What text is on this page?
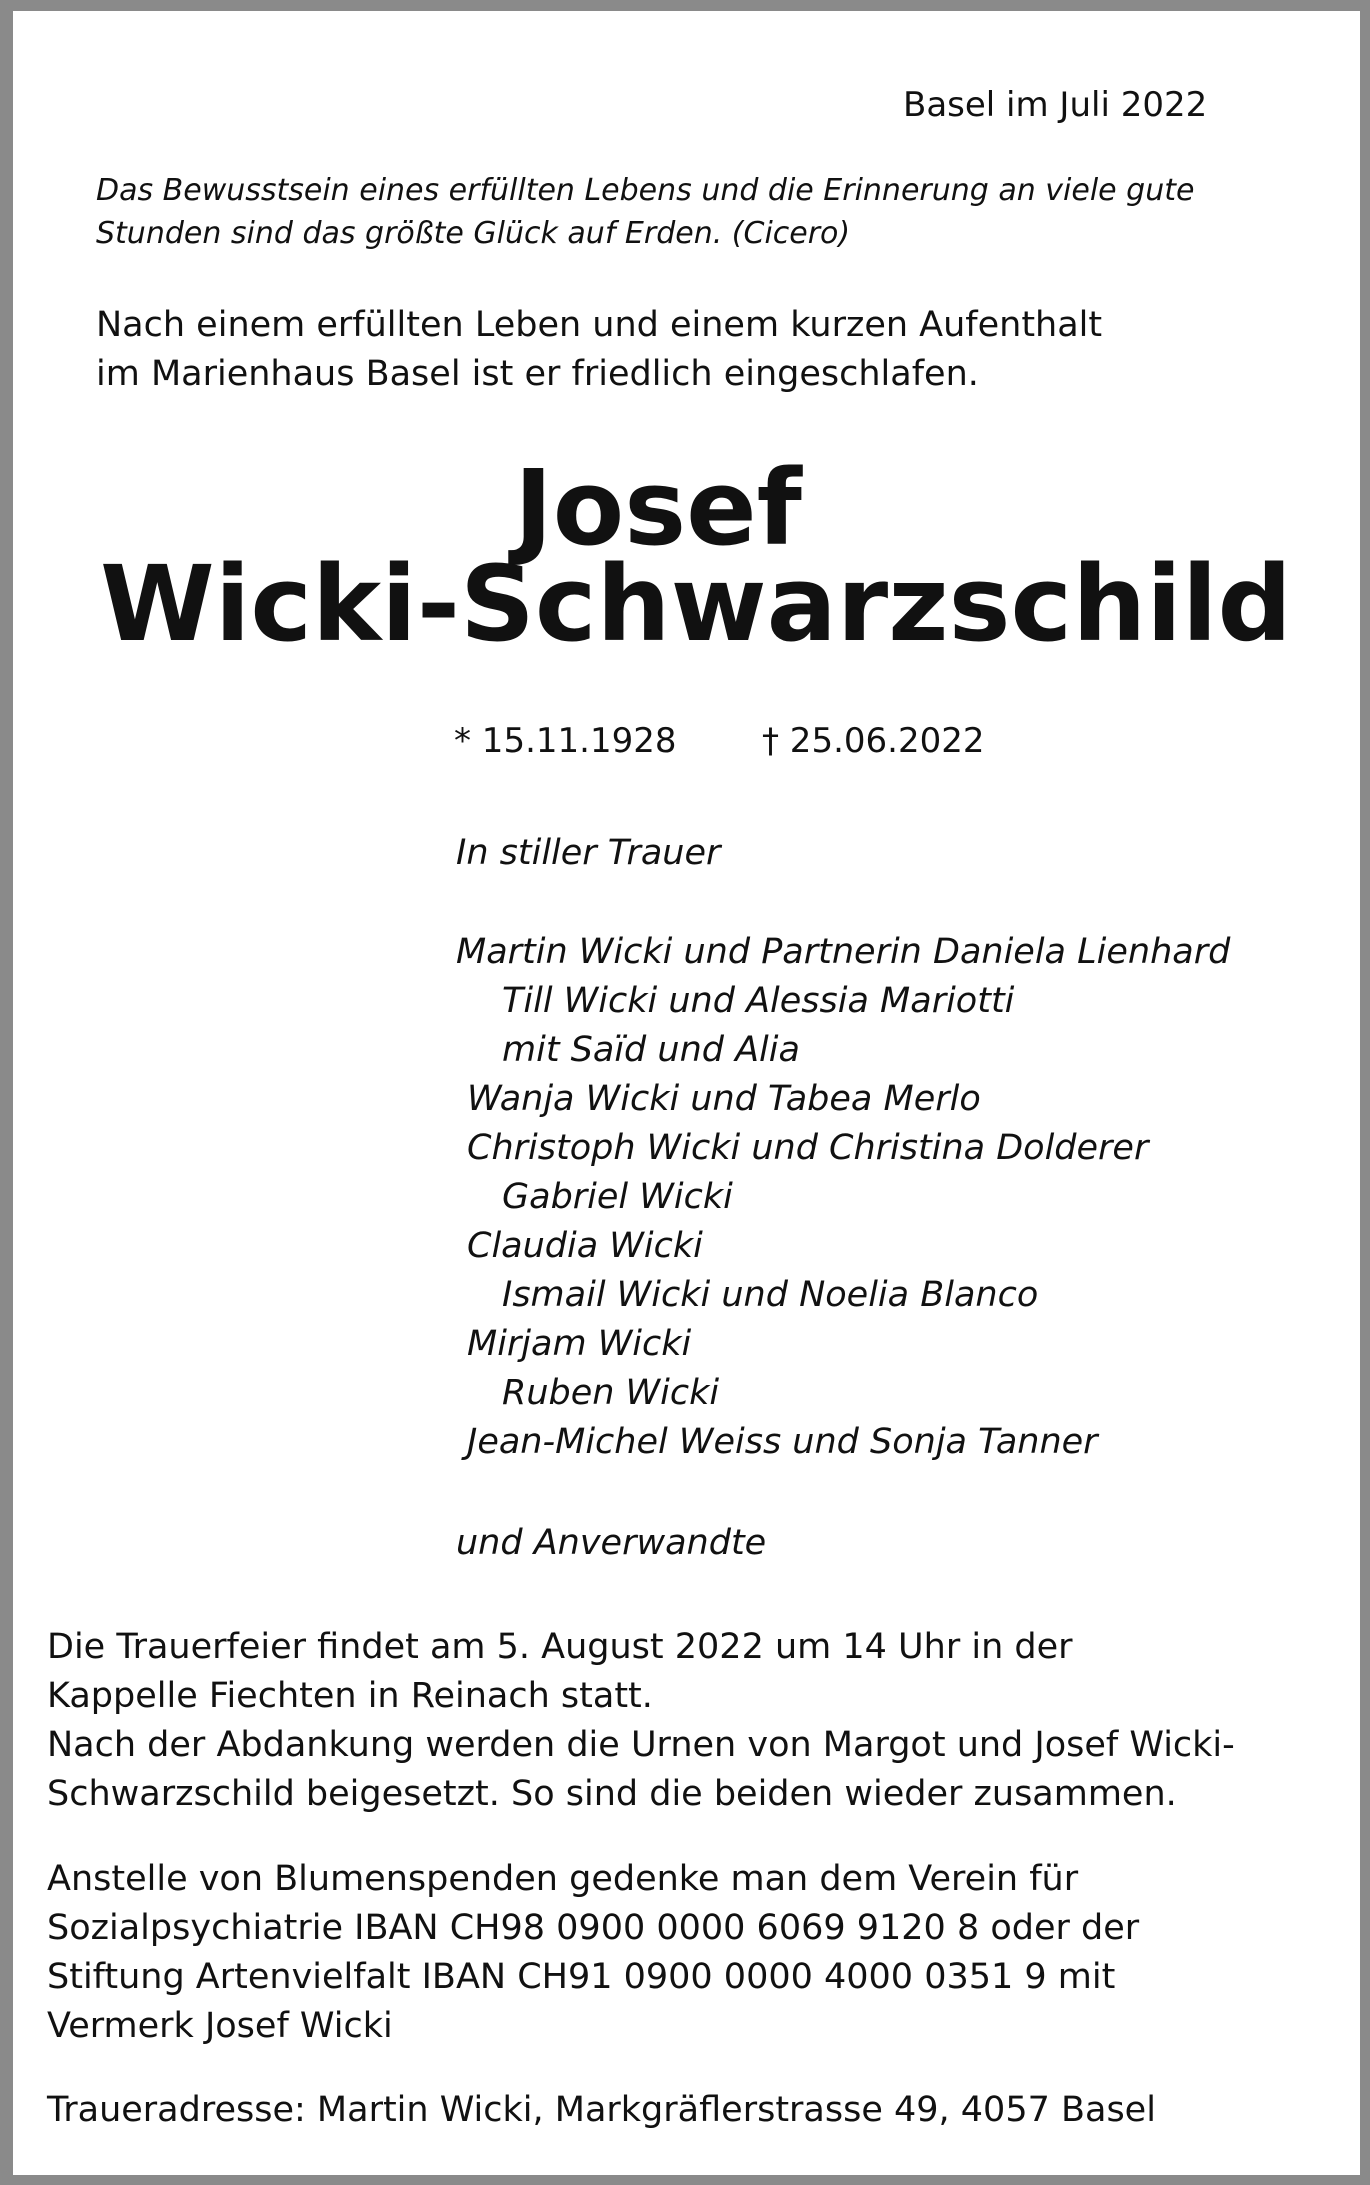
Basel im Juli 2022
Das Bewusstsein eines erfüllten Lebens und die Erinnerung an viele gute
Stunden sind das größte Glück auf Erden. (Cicero)
Nach einem erfüllten Leben und einem kurzen Aufenthalt
im Marienhaus Basel ist er friedlich eingeschlafen.
Josef
Wicki-Schwarzschild
* 15.11.1928	† 25.06.2022
In stiller Trauer
Martin Wicki und Partnerin Daniela Lienhard
Till Wicki und Alessia Mariotti
mit Saïd und Alia
Wanja Wicki und Tabea Merlo
Christoph Wicki und Christina Dolderer
Gabriel Wicki
Claudia Wicki
Ismail Wicki und Noelia Blanco
Mirjam Wicki
Ruben Wicki
Jean-Michel Weiss und Sonja Tanner
und Anverwandte
Die Trauerfeier findet am 5. August 2022 um 14 Uhr in der
Kappelle Fiechten in Reinach statt.
Nach der Abdankung werden die Urnen von Margot und Josef Wicki-
Schwarzschild beigesetzt. So sind die beiden wieder zusammen.
Anstelle von Blumenspenden gedenke man dem Verein für
Sozialpsychiatrie IBAN CH98 0900 0000 6069 9120 8 oder der
Stiftung Artenvielfalt IBAN CH91 0900 0000 4000 0351 9 mit
Vermerk Josef Wicki
Traueradresse: Martin Wicki, Markgräflerstrasse 49, 4057 Basel
